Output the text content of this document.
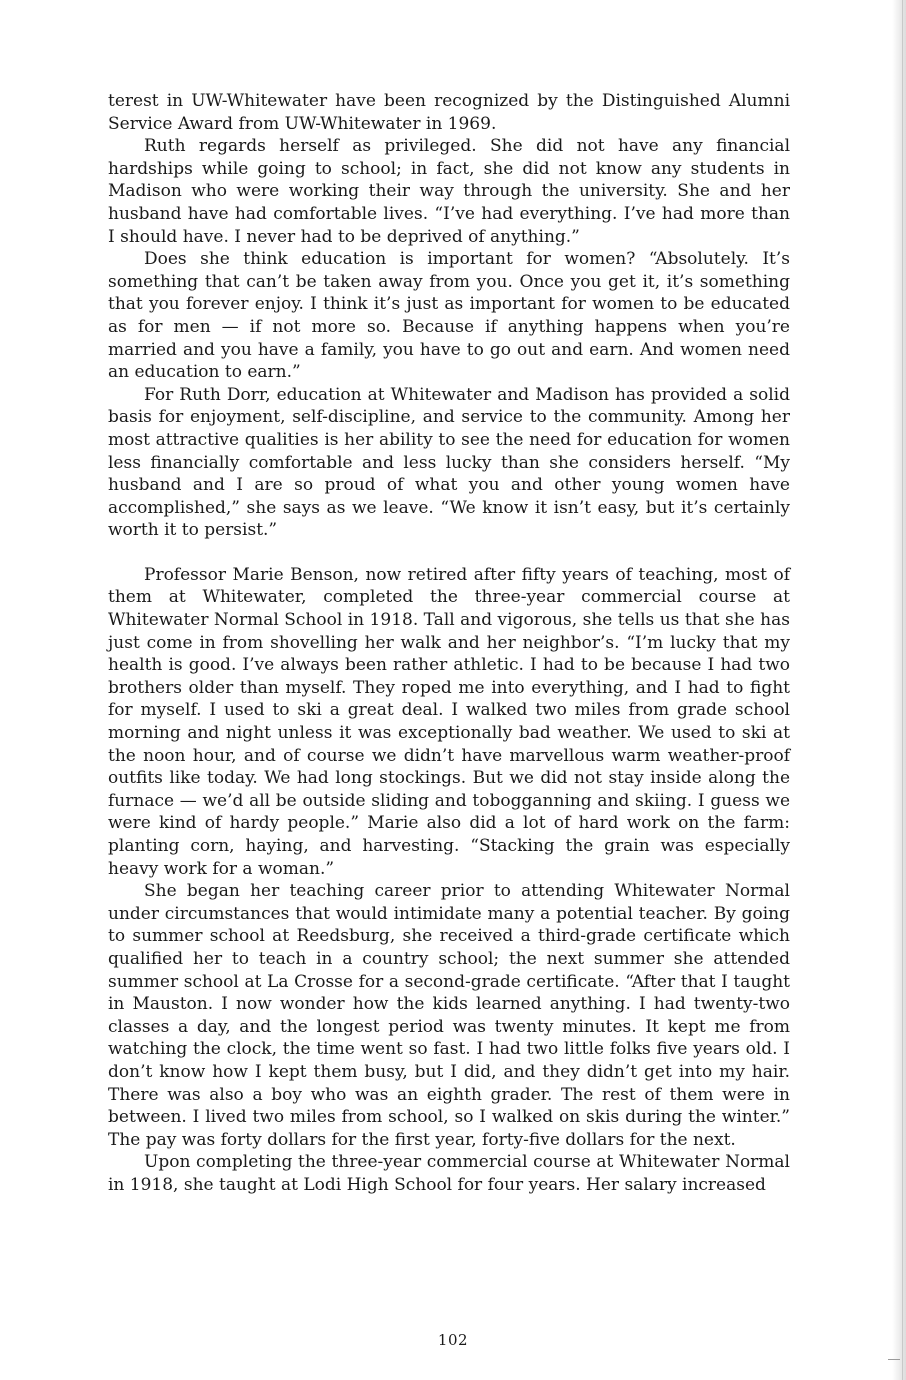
terest in UW-Whitewater have been recognized by the Distinguished Alumni Service Award from UW-Whitewater in 1969.

Ruth regards herself as privileged. She did not have any financial hardships while going to school; in fact, she did not know any students in Madison who were working their way through the university. She and her husband have had comfortable lives. “I’ve had everything. I’ve had more than I should have. I never had to be deprived of anything.”

Does she think education is important for women? “Absolutely. It’s something that can’t be taken away from you. Once you get it, it’s something that you forever enjoy. I think it’s just as important for women to be educated as for men — if not more so. Because if anything happens when you’re married and you have a family, you have to go out and earn. And women need an education to earn.”

For Ruth Dorr, education at Whitewater and Madison has provided a solid basis for enjoyment, self-discipline, and service to the community. Among her most attractive qualities is her ability to see the need for education for women less financially comfortable and less lucky than she considers herself. “My husband and I are so proud of what you and other young women have accomplished,” she says as we leave. “We know it isn’t easy, but it’s certainly worth it to persist.”

Professor Marie Benson, now retired after fifty years of teaching, most of them at Whitewater, completed the three-year commercial course at Whitewater Normal School in 1918. Tall and vigorous, she tells us that she has just come in from shovelling her walk and her neighbor’s. “I’m lucky that my health is good. I’ve always been rather athletic. I had to be because I had two brothers older than myself. They roped me into everything, and I had to fight for myself. I used to ski a great deal. I walked two miles from grade school morning and night unless it was exceptionally bad weather. We used to ski at the noon hour, and of course we didn’t have marvellous warm weather-proof outfits like today. We had long stockings. But we did not stay inside along the furnace — we’d all be outside sliding and tobogganning and skiing. I guess we were kind of hardy people.” Marie also did a lot of hard work on the farm: planting corn, haying, and harvesting. “Stacking the grain was especially heavy work for a woman.”

She began her teaching career prior to attending Whitewater Normal under circumstances that would intimidate many a potential teacher. By going to summer school at Reedsburg, she received a third-grade certificate which qualified her to teach in a country school; the next summer she attended summer school at La Crosse for a second-grade certificate. “After that I taught in Mauston. I now wonder how the kids learned anything. I had twenty-two classes a day, and the longest period was twenty minutes. It kept me from watching the clock, the time went so fast. I had two little folks five years old. I don’t know how I kept them busy, but I did, and they didn’t get into my hair. There was also a boy who was an eighth grader. The rest of them were in between. I lived two miles from school, so I walked on skis during the winter.” The pay was forty dollars for the first year, forty-five dollars for the next.

Upon completing the three-year commercial course at Whitewater Normal in 1918, she taught at Lodi High School for four years. Her salary increased

102
